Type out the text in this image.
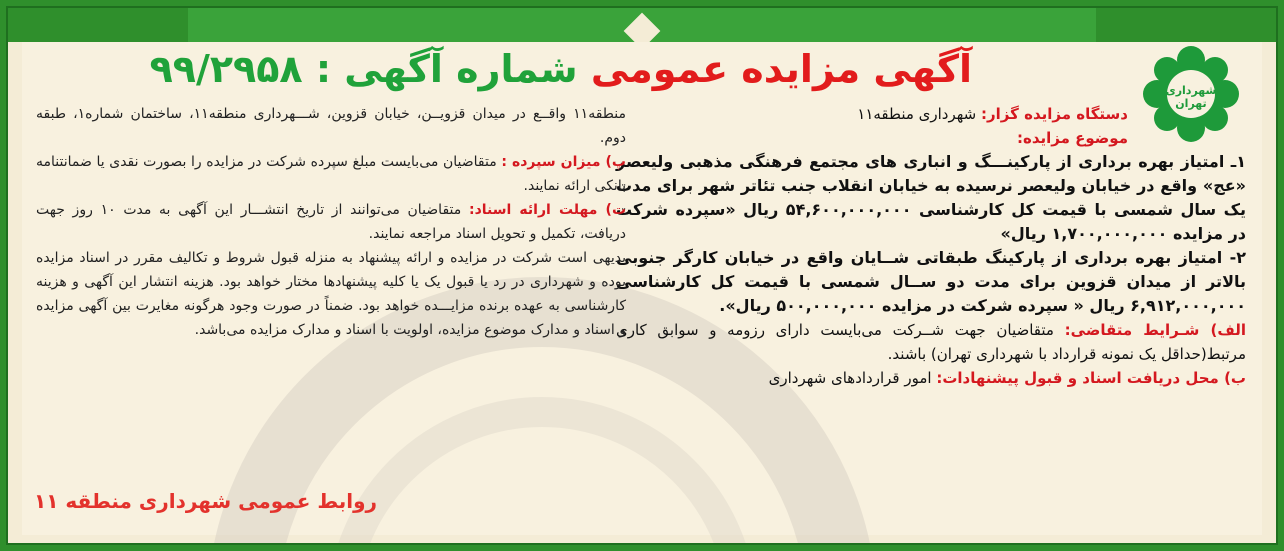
آگهی مزایده عمومی شماره آگهی : ۹۹/۲۹۵۸	شهرداری تهران

دستگاه مزایده گزار: شهرداری منطقه۱۱

موضوع مزایده:

۱ـ امتیاز بهره برداری از پارکینـــگ و انباری های مجتمع فرهنگی مذهبی ولیعصر «عج» واقع در خیابان ولیعصر نرسیده به خیابان انقلاب جنب تئاتر شهر برای مدت یک سال شمسی با قیمت کل کارشناسی ۵۴,۶۰۰,۰۰۰,۰۰۰ ریال «سپرده شرکت در مزایده ۱,۷۰۰,۰۰۰,۰۰۰ ریال»

۲- امتیاز بهره برداری از پارکینگ طبقاتی شــایان واقع در خیابان کارگر جنوبی بالاتر از میدان قزوین برای مدت دو ســال شمسی با قیمت کل کارشناسی ۶,۹۱۲,۰۰۰,۰۰۰ ریال « سپرده شرکت در مزایده ۵۰۰,۰۰۰,۰۰۰ ریال».

الف) شـرایط متقاضی: متقاضیان جهت شــرکت می‌بایست دارای رزومه و سوابق کاری مرتبط(حداقل یک نمونه قرارداد با شهرداری تهران) باشند.

ب) محل دریافت اسناد و قبول پیشنهادات: امور قراردادهای شهرداری

منطقه۱۱ واقــع در میدان قزویــن، خیابان قزوین، شـــهرداری منطقه۱۱، ساختمان شماره۱، طبقه دوم.

پ) میزان سپرده : متقاضیان می‌بایست مبلغ سپرده شرکت در مزایده را بصورت نقدی یا ضمانتنامه بانکی ارائه نمایند.

ت) مهلت ارائه اسناد: متقاضیان می‌توانند از تاریخ انتشـــار این آگهی به مدت ۱۰ روز جهت دریافت، تکمیل و تحویل اسناد مراجعه نمایند.

بدیهی است شرکت در مزایده و ارائه پیشنهاد به منزله قبول شروط و تکالیف مقرر در اسناد مزایده بوده و شهرداری در رد یا قبول یک یا کلیه پیشنهادها مختار خواهد بود. هزینه انتشار این آگهی و هزینه کارشناسی به عهده برنده مزایـــده خواهد بود. ضمناً در صورت وجود هرگونه مغایرت بین آگهی مزایده و اسناد و مدارک موضوع مزایده، اولویت با اسناد و مدارک مزایده می‌باشد.

روابط عمومی شهرداری منطقه ۱۱
